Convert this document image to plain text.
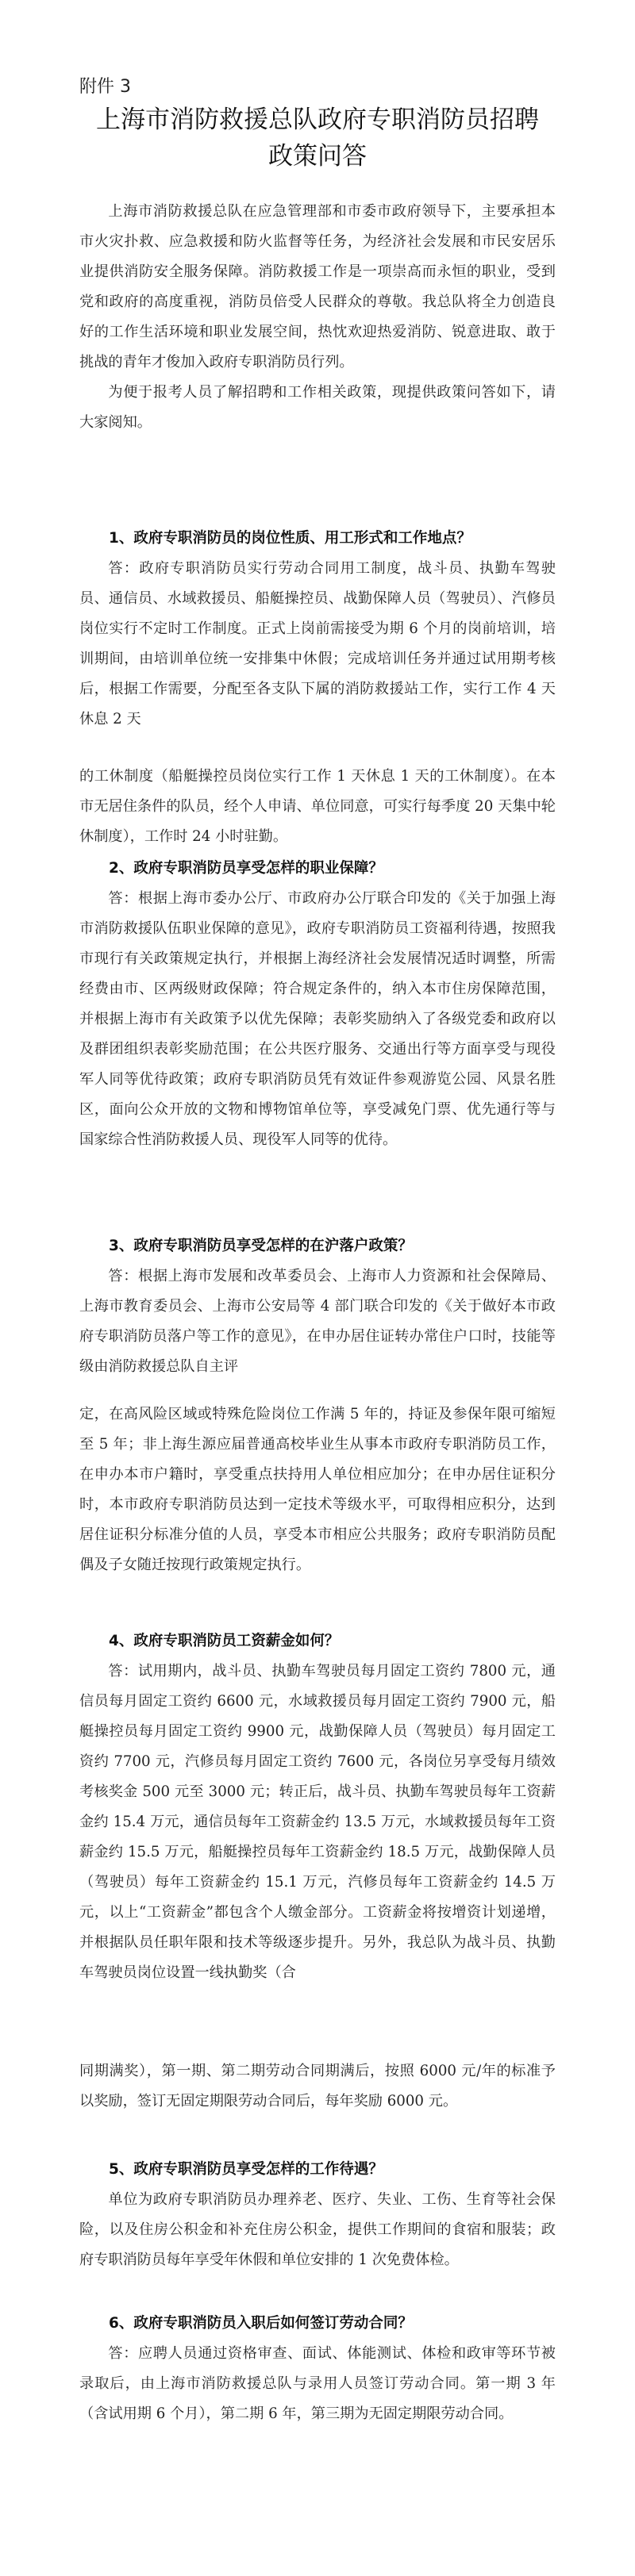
附件 3
上海市消防救援总队政府专职消防员招聘
政策问答

上海市消防救援总队在应急管理部和市委市政府领导下，主要承担本市火灾扑救、应急救援和防火监督等任务，为经济社会发展和市民安居乐业提供消防安全服务保障。消防救援工作是一项崇高而永恒的职业，受到党和政府的高度重视，消防员倍受人民群众的尊敬。我总队将全力创造良好的工作生活环境和职业发展空间，热忱欢迎热爱消防、锐意进取、敢于挑战的青年才俊加入政府专职消防员行列。

为便于报考人员了解招聘和工作相关政策，现提供政策问答如下，请大家阅知。

1、政府专职消防员的岗位性质、用工形式和工作地点？

答：政府专职消防员实行劳动合同用工制度，战斗员、执勤车驾驶员、通信员、水域救援员、船艇操控员、战勤保障人员（驾驶员）、汽修员岗位实行不定时工作制度。正式上岗前需接受为期 6 个月的岗前培训，培训期间，由培训单位统一安排集中休假；完成培训任务并通过试用期考核后，根据工作需要，分配至各支队下属的消防救援站工作，实行工作 4 天休息 2 天

的工休制度（船艇操控员岗位实行工作 1 天休息 1 天的工休制度）。在本市无居住条件的队员，经个人申请、单位同意，可实行每季度 20 天集中轮休制度），工作时 24 小时驻勤。

2、政府专职消防员享受怎样的职业保障？

答：根据上海市委办公厅、市政府办公厅联合印发的《关于加强上海市消防救援队伍职业保障的意见》，政府专职消防员工资福利待遇，按照我市现行有关政策规定执行，并根据上海经济社会发展情况适时调整，所需经费由市、区两级财政保障；符合规定条件的，纳入本市住房保障范围，并根据上海市有关政策予以优先保障；表彰奖励纳入了各级党委和政府以及群团组织表彰奖励范围；在公共医疗服务、交通出行等方面享受与现役军人同等优待政策；政府专职消防员凭有效证件参观游览公园、风景名胜区，面向公众开放的文物和博物馆单位等，享受减免门票、优先通行等与国家综合性消防救援人员、现役军人同等的优待。

3、政府专职消防员享受怎样的在沪落户政策？

答：根据上海市发展和改革委员会、上海市人力资源和社会保障局、上海市教育委员会、上海市公安局等 4 部门联合印发的《关于做好本市政府专职消防员落户等工作的意见》，在申办居住证转办常住户口时，技能等级由消防救援总队自主评

定，在高风险区域或特殊危险岗位工作满 5 年的，持证及参保年限可缩短至 5 年；非上海生源应届普通高校毕业生从事本市政府专职消防员工作，在申办本市户籍时，享受重点扶持用人单位相应加分；在申办居住证积分时，本市政府专职消防员达到一定技术等级水平，可取得相应积分，达到居住证积分标准分值的人员，享受本市相应公共服务；政府专职消防员配偶及子女随迁按现行政策规定执行。

4、政府专职消防员工资薪金如何？

答：试用期内，战斗员、执勤车驾驶员每月固定工资约 7800 元，通信员每月固定工资约 6600 元，水域救援员每月固定工资约 7900 元，船艇操控员每月固定工资约 9900 元，战勤保障人员（驾驶员）每月固定工资约 7700 元，汽修员每月固定工资约 7600 元，各岗位另享受每月绩效考核奖金 500 元至 3000 元；转正后，战斗员、执勤车驾驶员每年工资薪金约 15.4 万元，通信员每年工资薪金约 13.5 万元，水域救援员每年工资薪金约 15.5 万元，船艇操控员每年工资薪金约 18.5 万元，战勤保障人员（驾驶员）每年工资薪金约 15.1 万元，汽修员每年工资薪金约 14.5 万元，以上“工资薪金”都包含个人缴金部分。工资薪金将按增资计划递增，并根据队员任职年限和技术等级逐步提升。另外，我总队为战斗员、执勤车驾驶员岗位设置一线执勤奖（合

同期满奖），第一期、第二期劳动合同期满后，按照 6000 元/年的标准予以奖励，签订无固定期限劳动合同后，每年奖励 6000 元。

5、政府专职消防员享受怎样的工作待遇？

单位为政府专职消防员办理养老、医疗、失业、工伤、生育等社会保险，以及住房公积金和补充住房公积金，提供工作期间的食宿和服装；政府专职消防员每年享受年休假和单位安排的 1 次免费体检。

6、政府专职消防员入职后如何签订劳动合同？

答：应聘人员通过资格审查、面试、体能测试、体检和政审等环节被录取后，由上海市消防救援总队与录用人员签订劳动合同。第一期 3 年（含试用期 6 个月），第二期 6 年，第三期为无固定期限劳动合同。
